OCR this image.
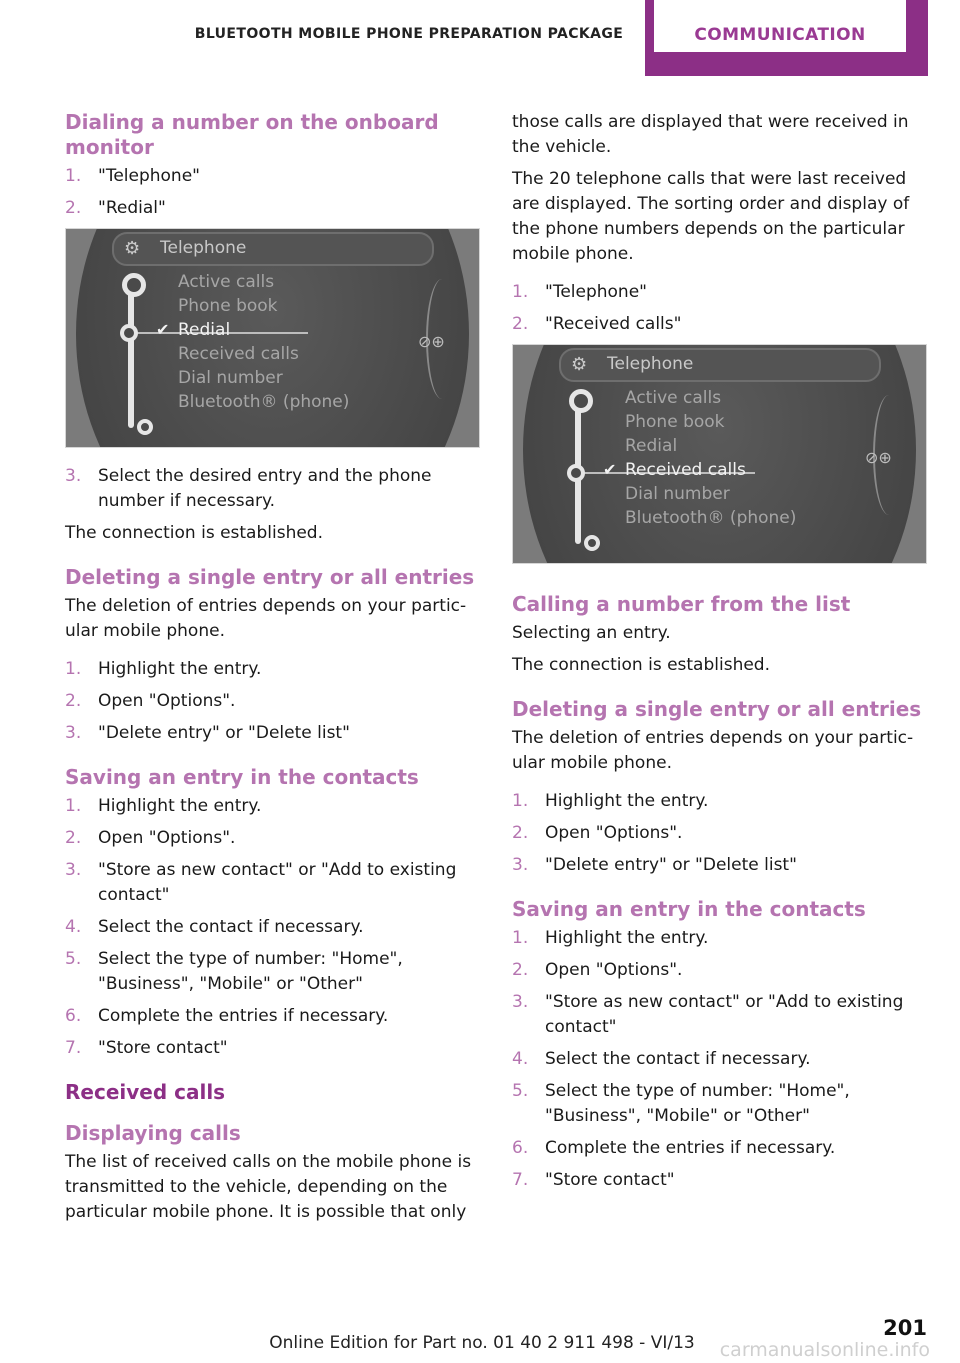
BLUETOOTH MOBILE PHONE PREPARATION PACKAGE	COMMUNICATION
Dialing a number on the onboard monitor
1. "Telephone"
2. "Redial"
⚙ Telephone
Active calls
Phone book
✔ Redial
Received calls
Dial number
Bluetooth® (phone)
⊘⊕
3. Select the desired entry and the phone number if necessary.

The connection is established.

Deleting a single entry or all entries

The deletion of entries depends on your partic‐ular mobile phone.

1. Highlight the entry.
2. Open "Options".
3. "Delete entry" or "Delete list"
Saving an entry in the contacts
1. Highlight the entry.
2. Open "Options".
3. "Store as new contact" or "Add to existing contact"
4. Select the contact if necessary.
5. Select the type of number: "Home", "Business", "Mobile" or "Other"
6. Complete the entries if necessary.
7. "Store contact"
Received calls
Displaying calls

The list of received calls on the mobile phone is transmitted to the vehicle, depending on the particular mobile phone. It is possible that only

those calls are displayed that were received in the vehicle.

The 20 telephone calls that were last received are displayed. The sorting order and display of the phone numbers depends on the particular mobile phone.

1. "Telephone"
2. "Received calls"
⚙ Telephone
Active calls
Phone book
Redial
✔ Received calls
Dial number
Bluetooth® (phone)
⊘⊕
Calling a number from the list

Selecting an entry.

The connection is established.

Deleting a single entry or all entries

The deletion of entries depends on your partic‐ular mobile phone.

1. Highlight the entry.
2. Open "Options".
3. "Delete entry" or "Delete list"
Saving an entry in the contacts
1. Highlight the entry.
2. Open "Options".
3. "Store as new contact" or "Add to existing contact"
4. Select the contact if necessary.
5. Select the type of number: "Home", "Business", "Mobile" or "Other"
6. Complete the entries if necessary.
7. "Store contact"
Online Edition for Part no. 01 40 2 911 498 - VI/13
201
carmanualsonline.info
